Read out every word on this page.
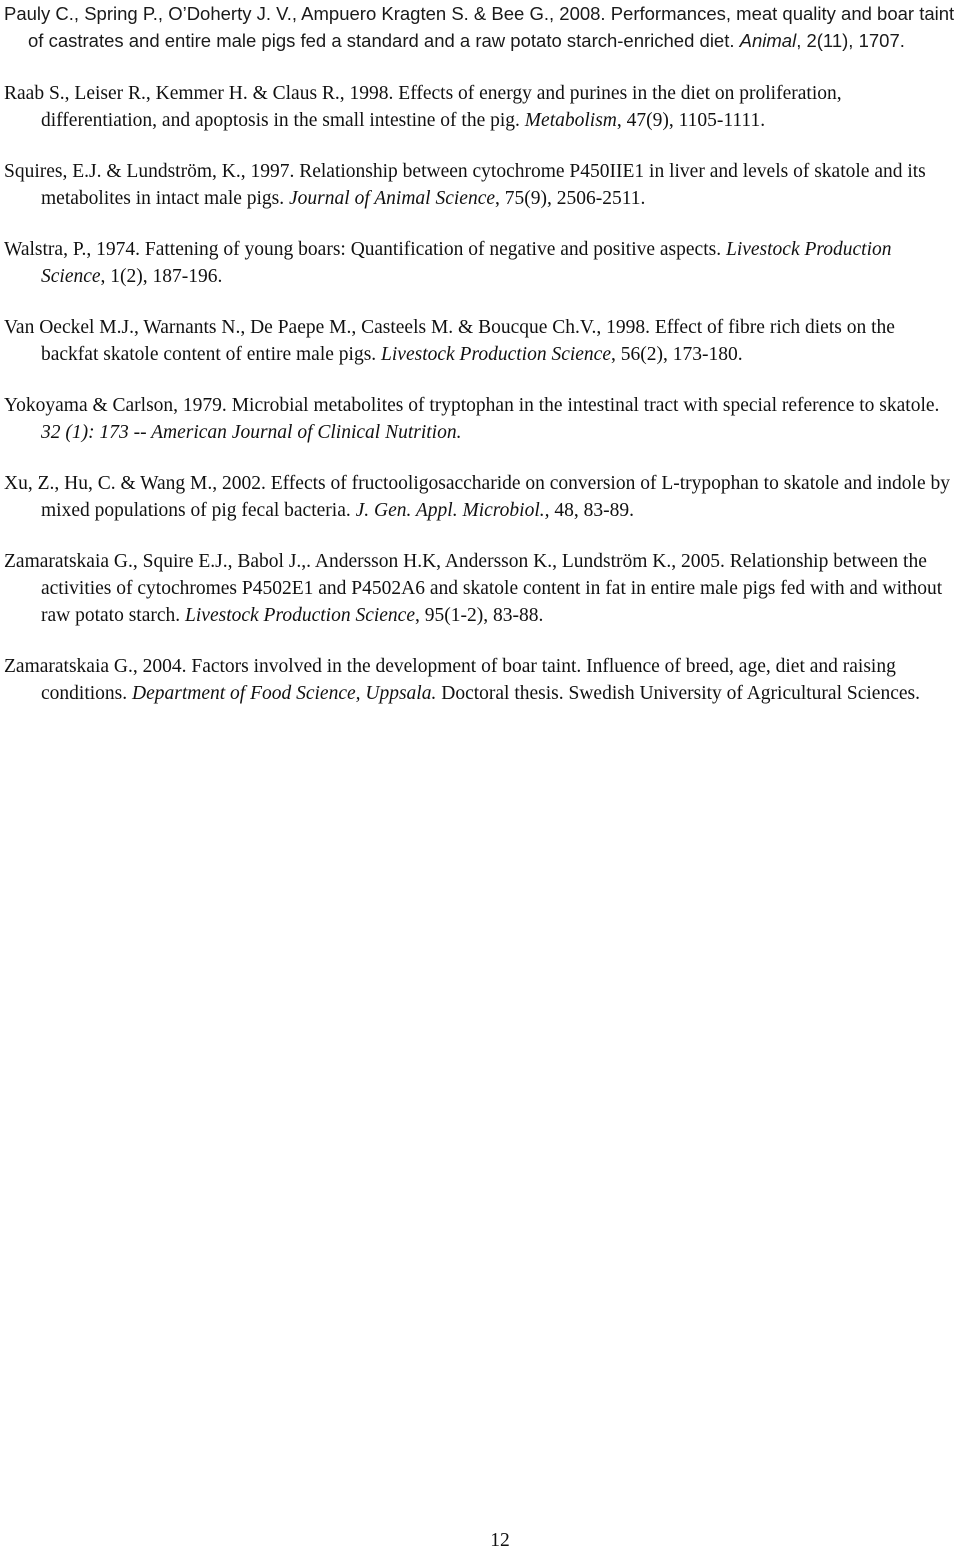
Pauly C., Spring P., O’Doherty J. V., Ampuero Kragten S. & Bee G., 2008. Performances, meat quality and boar taint of castrates and entire male pigs fed a standard and a raw potato starch-enriched diet. Animal, 2(11), 1707.

Raab S., Leiser R., Kemmer H. & Claus R., 1998. Effects of energy and purines in the diet on proliferation, differentiation, and apoptosis in the small intestine of the pig. Metabolism, 47(9), 1105-1111.

Squires, E.J. & Lundström, K., 1997. Relationship between cytochrome P450IIE1 in liver and levels of skatole and its metabolites in intact male pigs. Journal of Animal Science, 75(9), 2506-2511.

Walstra, P., 1974. Fattening of young boars: Quantification of negative and positive aspects. Livestock Production Science, 1(2), 187-196.

Van Oeckel M.J., Warnants N., De Paepe M., Casteels M. & Boucque Ch.V., 1998. Effect of fibre rich diets on the backfat skatole content of entire male pigs. Livestock Production Science, 56(2), 173-180.

Yokoyama & Carlson, 1979. Microbial metabolites of tryptophan in the intestinal tract with special reference to skatole. 32 (1): 173 -- American Journal of Clinical Nutrition.

Xu, Z., Hu, C. & Wang M., 2002. Effects of fructooligosaccharide on conversion of L-trypophan to skatole and indole by mixed populations of pig fecal bacteria. J. Gen. Appl. Microbiol., 48, 83-89.

Zamaratskaia G., Squire E.J., Babol J.,. Andersson H.K, Andersson K., Lundström K., 2005. Relationship between the activities of cytochromes P4502E1 and P4502A6 and skatole content in fat in entire male pigs fed with and without raw potato starch. Livestock Production Science, 95(1-2), 83-88.

Zamaratskaia G., 2004. Factors involved in the development of boar taint. Influence of breed, age, diet and raising conditions. Department of Food Science, Uppsala. Doctoral thesis. Swedish University of Agricultural Sciences.

12
